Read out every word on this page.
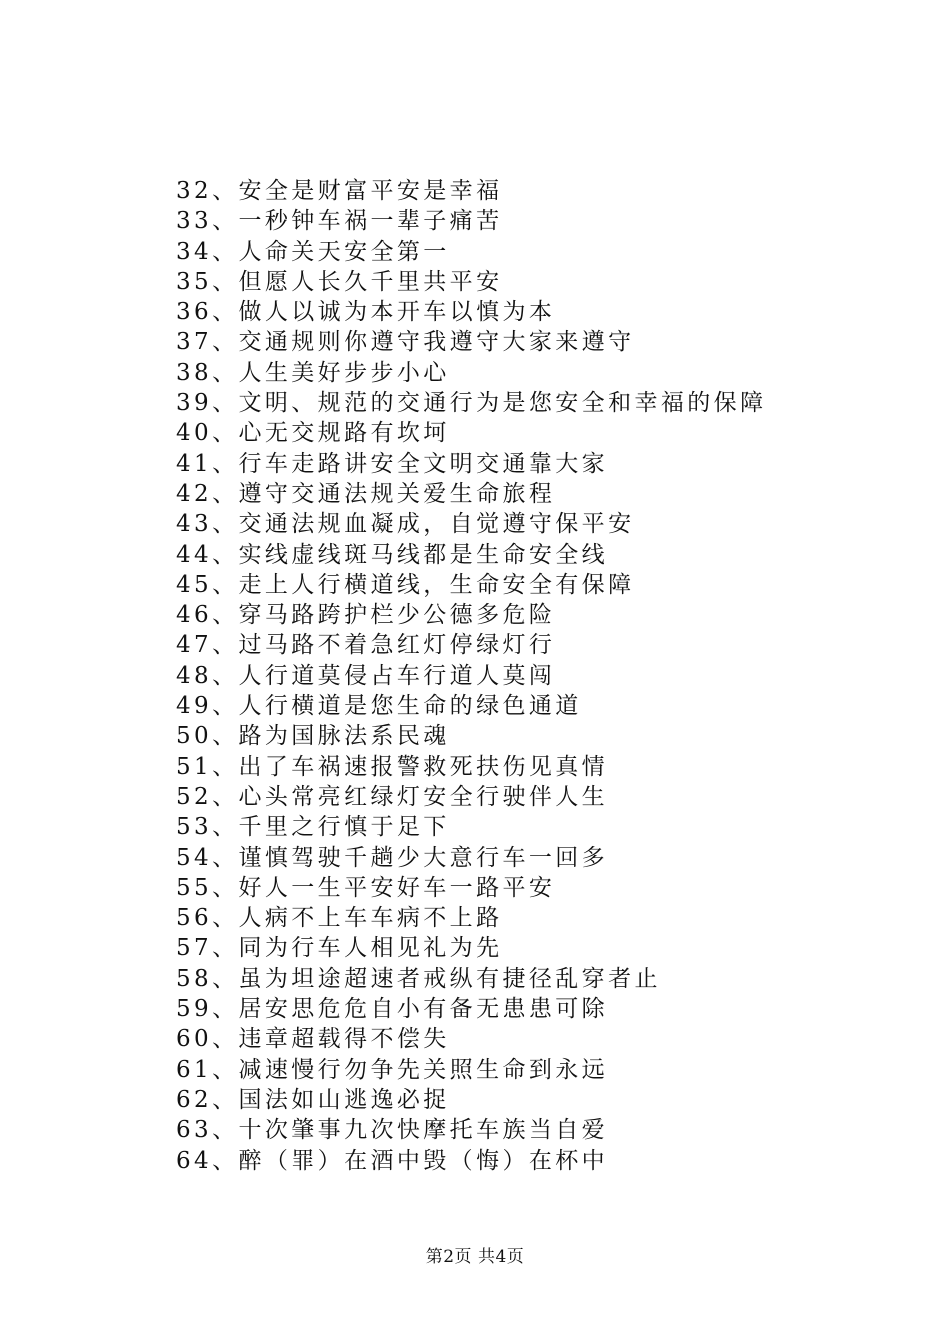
32、安全是财富平安是幸福
33、一秒钟车祸一辈子痛苦
34、人命关天安全第一
35、但愿人长久千里共平安
36、做人以诚为本开车以慎为本
37、交通规则你遵守我遵守大家来遵守
38、人生美好步步小心
39、文明、规范的交通行为是您安全和幸福的保障
40、心无交规路有坎坷
41、行车走路讲安全文明交通靠大家
42、遵守交通法规关爱生命旅程
43、交通法规血凝成，自觉遵守保平安
44、实线虚线斑马线都是生命安全线
45、走上人行横道线，生命安全有保障
46、穿马路跨护栏少公德多危险
47、过马路不着急红灯停绿灯行
48、人行道莫侵占车行道人莫闯
49、人行横道是您生命的绿色通道
50、路为国脉法系民魂
51、出了车祸速报警救死扶伤见真情
52、心头常亮红绿灯安全行驶伴人生
53、千里之行慎于足下
54、谨慎驾驶千趟少大意行车一回多
55、好人一生平安好车一路平安
56、人病不上车车病不上路
57、同为行车人相见礼为先
58、虽为坦途超速者戒纵有捷径乱穿者止
59、居安思危危自小有备无患患可除
60、违章超载得不偿失
61、减速慢行勿争先关照生命到永远
62、国法如山逃逸必捉
63、十次肇事九次快摩托车族当自爱
64、醉（罪）在酒中毁（悔）在杯中
第2页 共4页
